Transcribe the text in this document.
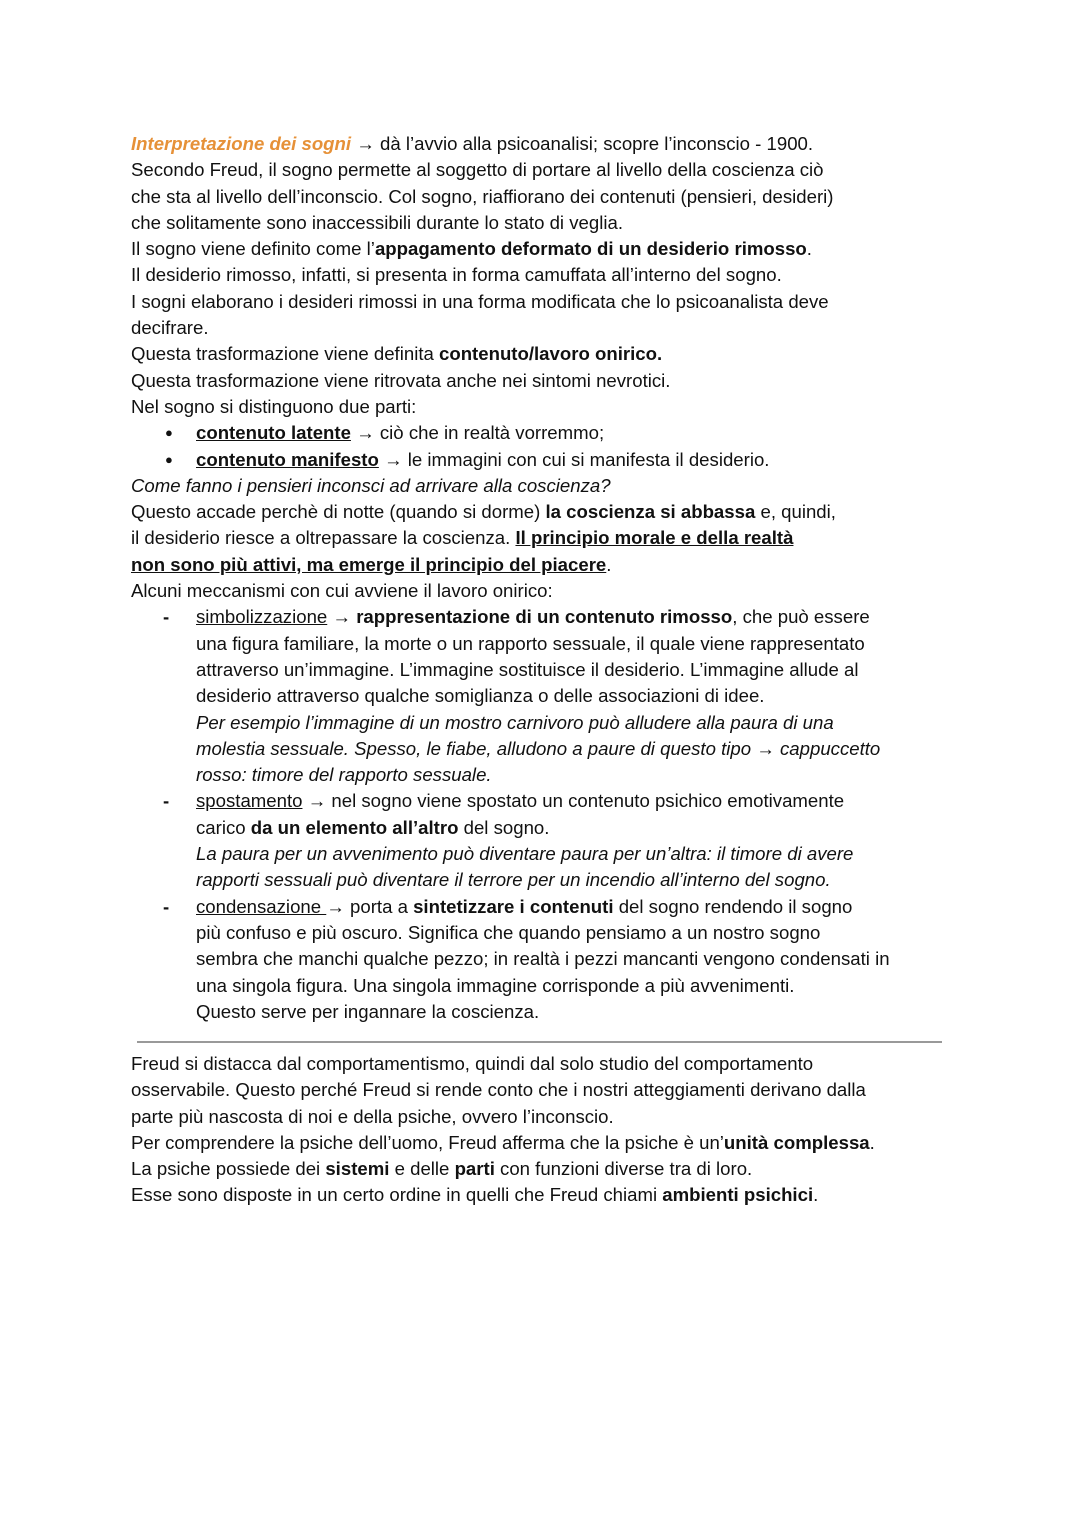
Interpretazione dei sogni → dà l’avvio alla psicoanalisi; scopre l’inconscio - 1900.

Secondo Freud, il sogno permette al soggetto di portare al livello della coscienza ciò

che sta al livello dell’inconscio. Col sogno, riaffiorano dei contenuti (pensieri, desideri)

che solitamente sono inaccessibili durante lo stato di veglia.

Il sogno viene definito come l’appagamento deformato di un desiderio rimosso.

Il desiderio rimosso, infatti, si presenta in forma camuffata all’interno del sogno.

I sogni elaborano i desideri rimossi in una forma modificata che lo psicoanalista deve

decifrare.

Questa trasformazione viene definita contenuto/lavoro onirico.

Questa trasformazione viene ritrovata anche nei sintomi nevrotici.

Nel sogno si distinguono due parti:

● contenuto latente → ciò che in realtà vorremmo;
● contenuto manifesto → le immagini con cui si manifesta il desiderio.

Come fanno i pensieri inconsci ad arrivare alla coscienza?

Questo accade perchè di notte (quando si dorme) la coscienza si abbassa e, quindi,

il desiderio riesce a oltrepassare la coscienza. Il principio morale e della realtà

non sono più attivi, ma emerge il principio del piacere.

Alcuni meccanismi con cui avviene il lavoro onirico:

- simbolizzazione → rappresentazione di un contenuto rimosso, che può essere
una figura familiare, la morte o un rapporto sessuale, il quale viene rappresentato
attraverso un’immagine. L’immagine sostituisce il desiderio. L’immagine allude al
desiderio attraverso qualche somiglianza o delle associazioni di idee.
Per esempio l’immagine di un mostro carnivoro può alludere alla paura di una
molestia sessuale. Spesso, le fiabe, alludono a paure di questo tipo → cappuccetto
rosso: timore del rapporto sessuale.
- spostamento → nel sogno viene spostato un contenuto psichico emotivamente
carico da un elemento all’altro del sogno.
La paura per un avvenimento può diventare paura per un’altra: il timore di avere
rapporti sessuali può diventare il terrore per un incendio all’interno del sogno.
- condensazione → porta a sintetizzare i contenuti del sogno rendendo il sogno
più confuso e più oscuro. Significa che quando pensiamo a un nostro sogno
sembra che manchi qualche pezzo; in realtà i pezzi mancanti vengono condensati in
una singola figura. Una singola immagine corrisponde a più avvenimenti.
Questo serve per ingannare la coscienza.

Freud si distacca dal comportamentismo, quindi dal solo studio del comportamento

osservabile. Questo perché Freud si rende conto che i nostri atteggiamenti derivano dalla

parte più nascosta di noi e della psiche, ovvero l’inconscio.

Per comprendere la psiche dell’uomo, Freud afferma che la psiche è un’unità complessa.

La psiche possiede dei sistemi e delle parti con funzioni diverse tra di loro.

Esse sono disposte in un certo ordine in quelli che Freud chiami ambienti psichici.
